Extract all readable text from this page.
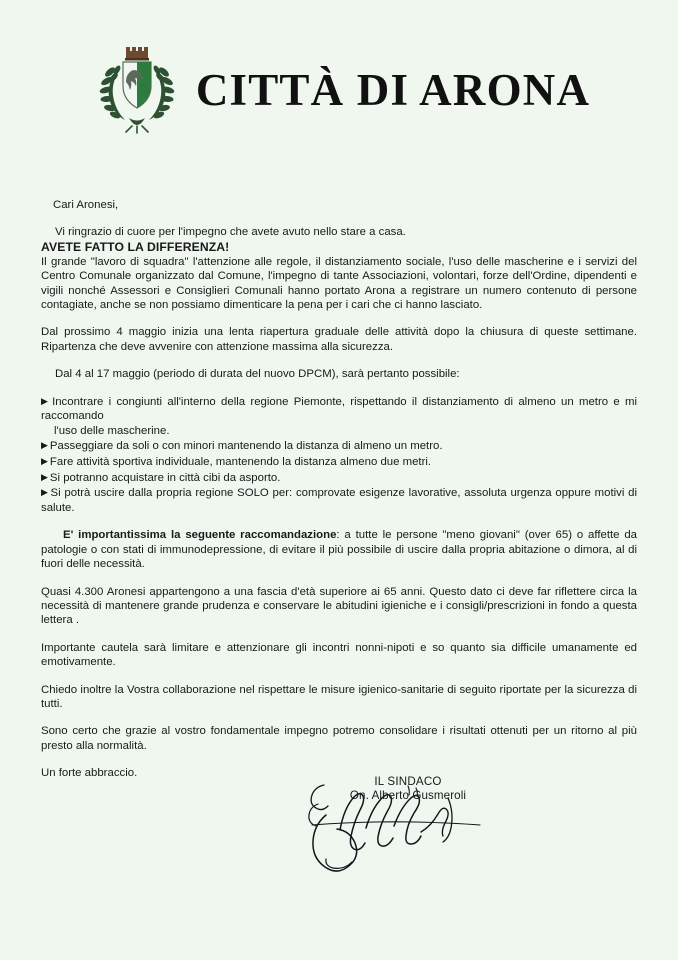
CITTÀ DI ARONA
Cari Aronesi,
Vi ringrazio di cuore per l'impegno che avete avuto nello stare a casa.
AVETE FATTO LA DIFFERENZA!
Il grande "lavoro di squadra" l'attenzione alle regole, il distanziamento sociale, l'uso delle mascherine e i servizi del Centro Comunale organizzato dal Comune, l'impegno di tante Associazioni, volontari, forze dell'Ordine, dipendenti e vigili nonché Assessori e Consiglieri Comunali hanno portato Arona a registrare un numero contenuto di persone contagiate, anche se non possiamo dimenticare la pena per i cari che ci hanno lasciato.
Dal prossimo 4 maggio inizia una lenta riapertura graduale delle attività dopo la chiusura di queste settimane. Ripartenza che deve avvenire con attenzione massima alla sicurezza.
Dal 4 al 17 maggio (periodo di durata del nuovo DPCM), sarà pertanto possibile:
▶ Incontrare i congiunti all'interno della regione Piemonte, rispettando il distanziamento di almeno un metro e mi raccomando
l'uso delle mascherine.
▶ Passeggiare da soli o con minori mantenendo la distanza di almeno un metro.
▶ Fare attività sportiva individuale, mantenendo la distanza almeno due metri.
▶ Si potranno acquistare in città cibi da asporto.
▶ Si potrà uscire dalla propria regione SOLO per: comprovate esigenze lavorative, assoluta urgenza oppure motivi di salute.
E' importantissima la seguente raccomandazione: a tutte le persone "meno giovani" (over 65) o affette da patologie o con stati di immunodepressione, di evitare il più possibile di uscire dalla propria abitazione o dimora, al di fuori delle necessità.
Quasi 4.300 Aronesi appartengono a una fascia d'età superiore ai 65 anni. Questo dato ci deve far riflettere circa la necessità di mantenere grande prudenza e conservare le abitudini igieniche e i consigli/prescrizioni in fondo a questa lettera .
Importante cautela sarà limitare e attenzionare gli incontri nonni-nipoti e so quanto sia difficile umanamente ed emotivamente.
Chiedo inoltre la Vostra collaborazione nel rispettare le misure igienico-sanitarie di seguito riportate per la sicurezza di tutti.
Sono certo che grazie al vostro fondamentale impegno potremo consolidare i risultati ottenuti per un ritorno al più presto alla normalità.
Un forte abbraccio.
IL SINDACO
On. Alberto Gusmeroli
